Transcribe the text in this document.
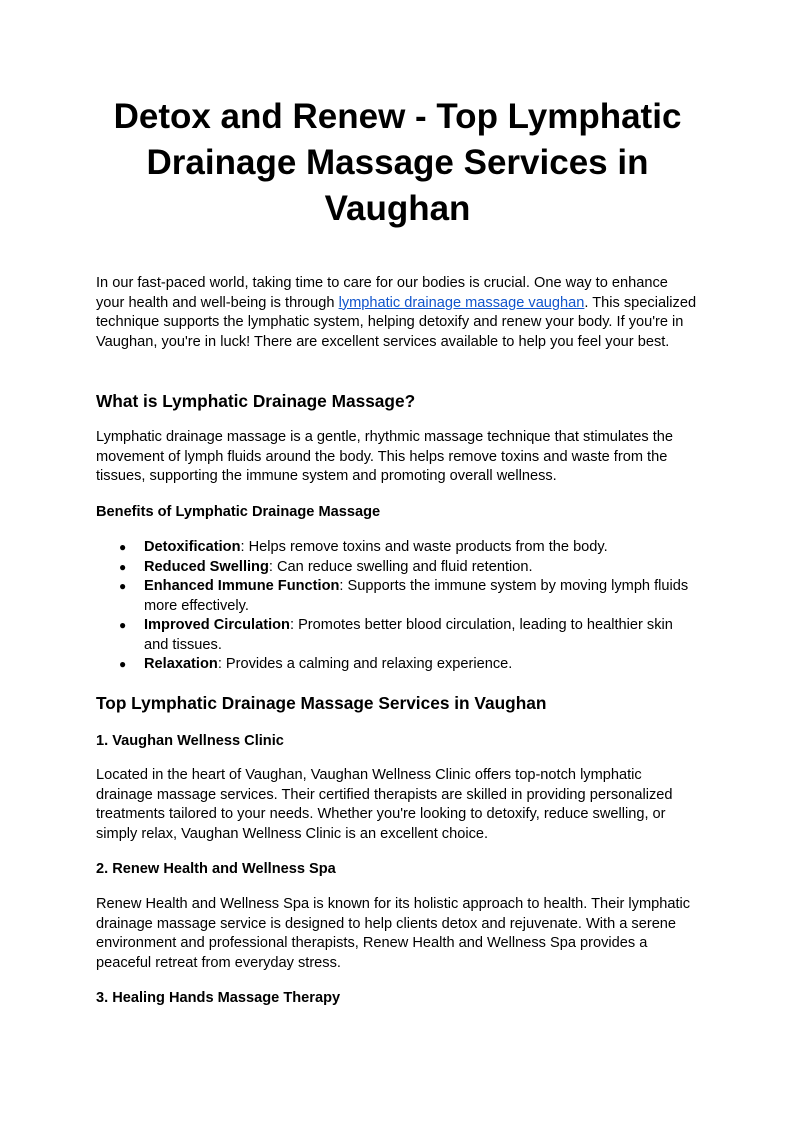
Detox and Renew - Top Lymphatic Drainage Massage Services in Vaughan

In our fast-paced world, taking time to care for our bodies is crucial. One way to enhance your health and well-being is through lymphatic drainage massage vaughan. This specialized technique supports the lymphatic system, helping detoxify and renew your body. If you're in Vaughan, you're in luck! There are excellent services available to help you feel your best.

What is Lymphatic Drainage Massage?

Lymphatic drainage massage is a gentle, rhythmic massage technique that stimulates the movement of lymph fluids around the body. This helps remove toxins and waste from the tissues, supporting the immune system and promoting overall wellness.

Benefits of Lymphatic Drainage Massage
● Detoxification: Helps remove toxins and waste products from the body.
● Reduced Swelling: Can reduce swelling and fluid retention.
● Enhanced Immune Function: Supports the immune system by moving lymph fluids more effectively.
● Improved Circulation: Promotes better blood circulation, leading to healthier skin and tissues.
● Relaxation: Provides a calming and relaxing experience.
Top Lymphatic Drainage Massage Services in Vaughan
1. Vaughan Wellness Clinic

Located in the heart of Vaughan, Vaughan Wellness Clinic offers top-notch lymphatic drainage massage services. Their certified therapists are skilled in providing personalized treatments tailored to your needs. Whether you're looking to detoxify, reduce swelling, or simply relax, Vaughan Wellness Clinic is an excellent choice.

2. Renew Health and Wellness Spa

Renew Health and Wellness Spa is known for its holistic approach to health. Their lymphatic drainage massage service is designed to help clients detox and rejuvenate. With a serene environment and professional therapists, Renew Health and Wellness Spa provides a peaceful retreat from everyday stress.

3. Healing Hands Massage Therapy
